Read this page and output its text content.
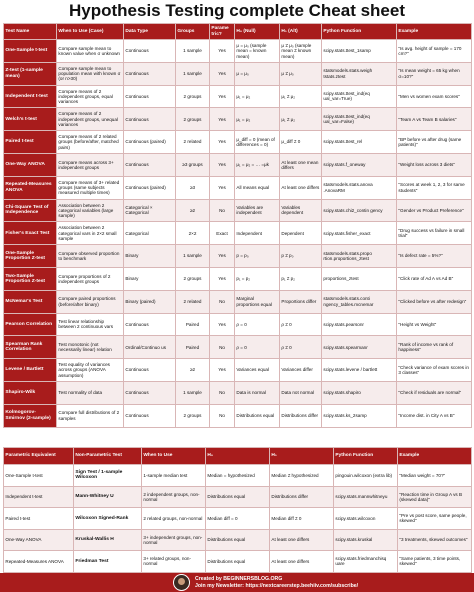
Hypothesis Testing complete Cheat sheet
Test Name	When to Use (Case)	Data Type	Groups	Parame tric?	H₀ (Null)	H₁ (Alt)	Python Function	Example
One-Sample t-test	Compare sample mean to known value when σ unknown	Continuous	1 sample	Yes	μ = μ₀ (sample mean = known mean)	μ ≠ μ₀ (sample mean ≠ known mean)	scipy.stats.ttest_1samp	"Is avg. height of sample = 170 cm?"
Z-test (1-sample mean)	Compare sample mean to population mean with known σ (or n>30)	Continuous	1 sample	Yes	μ = μ₀	μ ≠ μ₀	statsmodels.stats.weigh tstats.ztest	"Is mean weight = 65 kg when σ=10?"
Independent t-test	Compare means of 2 independent groups, equal variances	Continuous	2 groups	Yes	μ₁ = μ₂	μ₁ ≠ μ₂	scipy.stats.ttest_ind(eq ual_var=True)	"Men vs women exam scores"
Welch's t-test	Compare means of 2 independent groups, unequal variances	Continuous	2 groups	Yes	μ₁ = μ₂	μ₁ ≠ μ₂	scipy.stats.ttest_ind(eq ual_var=False)	"Team A vs Team B salaries"
Paired t-test	Compare means of 2 related groups (before/after, matched pairs)	Continuous (paired)	2 related	Yes	μ_diff = 0 (mean of differences = 0)	μ_diff ≠ 0	scipy.stats.ttest_rel	"BP before vs after drug (same patients)"
One-Way ANOVA	Compare means across 3+ independent groups	Continuous	≥3 groups	Yes	μ₁ = μ₂ = … =μk	At least one mean differs	scipy.stats.f_oneway	"Weight loss across 3 diets"
Repeated-Measures ANOVA	Compare means of 3+ related groups (same subjects measured multiple times)	Continuous (paired)	≥3	Yes	All means equal	At least one differs	statsmodels.stats.anova .AnovaRM	"Scores at week 1, 2, 3 for same students"
Chi-Square Test of Independence	Association between 2 categorical variables (large sample)	Categorical × Categorical	≥2	No	Variables are independent	Variables dependent	scipy.stats.chi2_contin gency	"Gender vs Product Preference"
Fisher's Exact Test	Association between 2 categorical vars in 2×2 small sample	Categorical	2×2	Exact	Independent	Dependent	scipy.stats.fisher_exact	"Drug success vs failure in small trial"
One-Sample Proportion Z-test	Compare observed proportion to benchmark	Binary	1 sample	Yes	p = p₀	p ≠ p₀	statsmodels.stats.propo rtion.proportions_ztest	"Is defect rate = 5%?"
Two-Sample Proportion Z-test	Compare proportions of 2 independent groups	Binary	2 groups	Yes	p₁ = p₂	p₁ ≠ p₂	proportions_ztest	"Click rate of Ad A vs Ad B"
McNemar's Test	Compare paired proportions (before/after binary)	Binary (paired)	2 related	No	Marginal proportions equal	Proportions differ	statsmodels.stats.conti ngency_tables.mcnemar	"Clicked before vs after redesign"
Pearson Correlation	Test linear relationship between 2 continuous vars	Continuous	Paired	Yes	ρ = 0	ρ ≠ 0	scipy.stats.pearsonr	"Height vs Weight"
Spearman Rank Correlation	Test monotonic (not necessarily linear) relation	Ordinal/Continuo us	Paired	No	ρ = 0	ρ ≠ 0	scipy.stats.spearmanr	"Rank of income vs rank of happiness"
Levene / Bartlett	Test equality of variances across groups (ANOVA assumption)	Continuous	≥2	Yes	Variances equal	Variances differ	scipy.stats.levene / bartlett	"Check variance of exam scores in 3 classes"
Shapiro-Wilk	Test normality of data	Continuous	1 sample	No	Data is normal	Data not normal	scipy.stats.shapiro	"Check if residuals are normal"
Kolmogorov-Smirnov (2-sample)	Compare full distributions of 2 samples	Continuous	2 groups	No	Distributions equal	Distributions differ	scipy.stats.ks_2samp	"Income dist. in City A vs B"
Parametric Equivalent	Non-Parametric Test	When to Use	H₀	H₁	Python Function	Example
One-Sample t-test	Sign Test / 1-sample Wilcoxon	1-sample median test	Median = hypothesized	Median ≠ hypothesized	pingouin.wilcoxon (extra lib)	"Median weight = 70?"
Independent t-test	Mann-Whitney U	2 independent groups, non-normal	Distributions equal	Distributions differ	scipy.stats.mannwhitneyu	"Reaction time in Group A vs B (skewed data)"
Paired t-test	Wilcoxon Signed-Rank	2 related groups, non-normal	Median diff = 0	Median diff ≠ 0	scipy.stats.wilcoxon	"Pre vs post score, same people, skewed"
One-Way ANOVA	Kruskal-Wallis H	3+ independent groups, non-normal	Distributions equal	At least one differs	scipy.stats.kruskal	"3 treatments, skewed outcomes"
Repeated-Measures ANOVA	Friedman Test	3+ related groups, non-normal	Distributions equal	At least one differs	scipy.stats.friedmanchisq uare	"Same patients, 3 time points, skewed"
Created by BEGINNERSBLOG.ORG
Join my Newsletter: https://nextcareerstep.beehiiv.com/subscribe/
